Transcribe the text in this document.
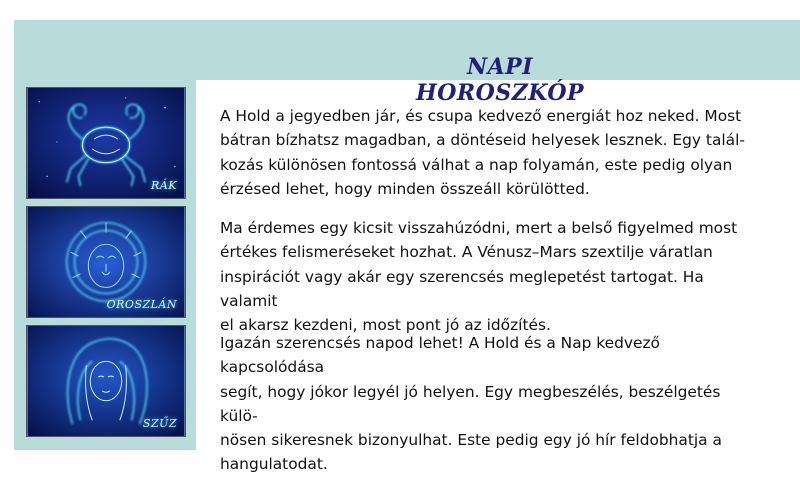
NAPI HOROSZKÓP
RÁK
OROSZLÁN
SZŰZ
A Hold a jegyedben jár, és csupa kedvező energiát hoz neked. Most
bátran bízhatsz magadban, a döntéseid helyesek lesznek. Egy talál-
kozás különösen fontossá válhat a nap folyamán, este pedig olyan
érzésed lehet, hogy minden összeáll körülötted.
Ma érdemes egy kicsit visszahúzódni, mert a belső figyelmed most
értékes felismeréseket hozhat. A Vénusz–Mars szextilje váratlan
inspirációt vagy akár egy szerencsés meglepetést tartogat. Ha valamit
el akarsz kezdeni, most pont jó az időzítés.
Igazán szerencsés napod lehet! A Hold és a Nap kedvező kapcsolódása
segít, hogy jókor legyél jó helyen. Egy megbeszélés, beszélgetés külö-
nösen sikeresnek bizonyulhat. Este pedig egy jó hír feldobhatja a
hangulatodat.
